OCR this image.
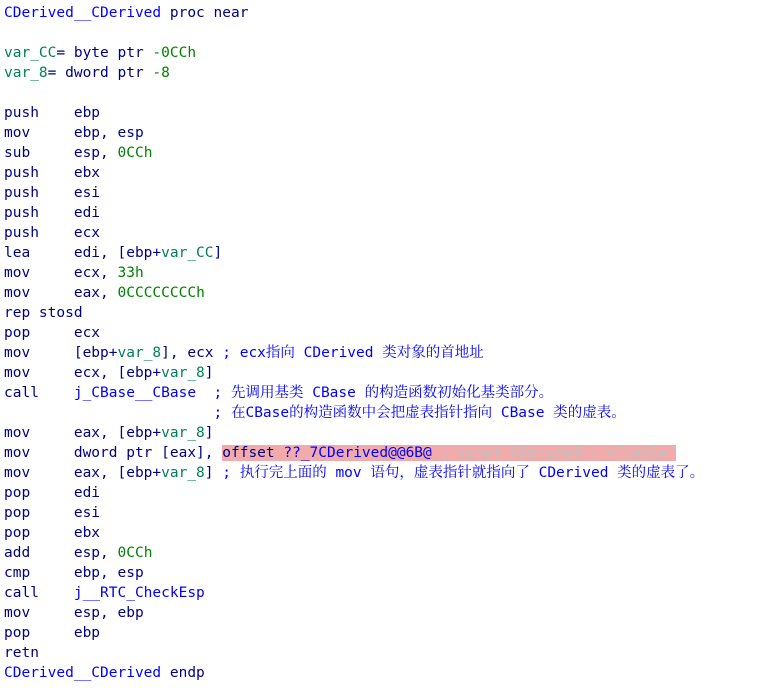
CDerived__CDerived proc near
var_CC= byte ptr -0CCh
var_8= dword ptr -8
push    ebp
mov     ebp, esp
sub     esp, 0CCh
push    ebx
push    esi
push    edi
push    ecx
lea     edi, [ebp+var_CC]
mov     ecx, 33h
mov     eax, 0CCCCCCCCh
rep stosd
pop     ecx
mov     [ebp+var_8], ecx ; ecx指向 CDerived 类对象的首地址
mov     ecx, [ebp+var_8]
call    j_CBase__CBase ; 先调用基类 CBase 的构造函数初始化基类部分。
; 在CBase的构造函数中会把虚表指针指向 CBase 类的虚表。
mov     eax, [ebp+var_8]
mov     dword ptr [eax], offset ??_7CDerived@@6B@ ; const CDerived::`vftable'
mov     eax, [ebp+var_8] ; 执行完上面的 mov 语句，虚表指针就指向了 CDerived 类的虚表了。
pop     edi
pop     esi
pop     ebx
add     esp, 0CCh
cmp     ebp, esp
call    j__RTC_CheckEsp
mov     esp, ebp
pop     ebp
retn
CDerived__CDerived endp
